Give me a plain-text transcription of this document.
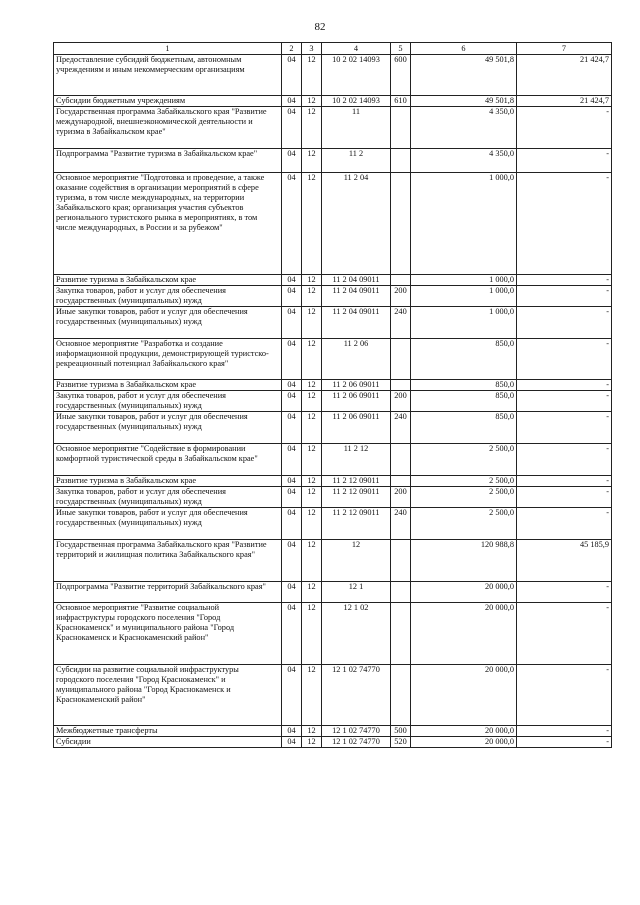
82
1	2	3	4	5	6	7
Предоставление субсидий бюджетным, автономным учреждениям и иным некоммерческим организациям	04	12	10 2 02 14093	600	49 501,8	21 424,7
Субсидии бюджетным учреждениям	04	12	10 2 02 14093	610	49 501,8	21 424,7
Государственная программа Забайкальского края "Развитие международной, внешнеэкономической деятельности и туризма в Забайкальском крае"	04	12	11		4 350,0	-
Подпрограмма "Развитие туризма в Забайкальском крае"	04	12	11 2		4 350,0	-
Основное мероприятие "Подготовка и проведение, а также оказание содействия в организации мероприятий в сфере туризма, в том числе международных, на территории Забайкальского края; организация участия субъектов регионального туристского рынка в мероприятиях, в том числе международных, в России и за рубежом"	04	12	11 2 04		1 000,0	-
Развитие туризма в Забайкальском крае	04	12	11 2 04 09011		1 000,0	-
Закупка товаров, работ и услуг для обеспечения государственных (муниципальных) нужд	04	12	11 2 04 09011	200	1 000,0	-
Иные закупки товаров, работ и услуг для обеспечения государственных (муниципальных) нужд	04	12	11 2 04 09011	240	1 000,0	-
Основное мероприятие "Разработка и создание информационной продукции, демонстрирующей туристско-рекреационный потенциал Забайкальского края"	04	12	11 2 06		850,0	-
Развитие туризма в Забайкальском крае	04	12	11 2 06 09011		850,0	-
Закупка товаров, работ и услуг для обеспечения государственных (муниципальных) нужд	04	12	11 2 06 09011	200	850,0	-
Иные закупки товаров, работ и услуг для обеспечения государственных (муниципальных) нужд	04	12	11 2 06 09011	240	850,0	-
Основное мероприятие "Содействие в формировании комфортной туристической среды в Забайкальском крае"	04	12	11 2 12		2 500,0	-
Развитие туризма в Забайкальском крае	04	12	11 2 12 09011		2 500,0	-
Закупка товаров, работ и услуг для обеспечения государственных (муниципальных) нужд	04	12	11 2 12 09011	200	2 500,0	-
Иные закупки товаров, работ и услуг для обеспечения государственных (муниципальных) нужд	04	12	11 2 12 09011	240	2 500,0	-
Государственная программа Забайкальского края "Развитие территорий и жилищная политика Забайкальского края"	04	12	12		120 988,8	45 185,9
Подпрограмма "Развитие территорий Забайкальского края"	04	12	12 1		20 000,0	-
Основное мероприятие "Развитие социальной инфраструктуры городского поселения "Город Краснокаменск" и муниципального района "Город Краснокаменск и Краснокаменский район"	04	12	12 1 02		20 000,0	-
Субсидии на развитие социальной инфраструктуры городского поселения "Город Краснокаменск" и муниципального района "Город Краснокаменск и Краснокаменский район"	04	12	12 1 02 74770		20 000,0	-
Межбюджетные трансферты	04	12	12 1 02 74770	500	20 000,0	-
Субсидии	04	12	12 1 02 74770	520	20 000,0	-
